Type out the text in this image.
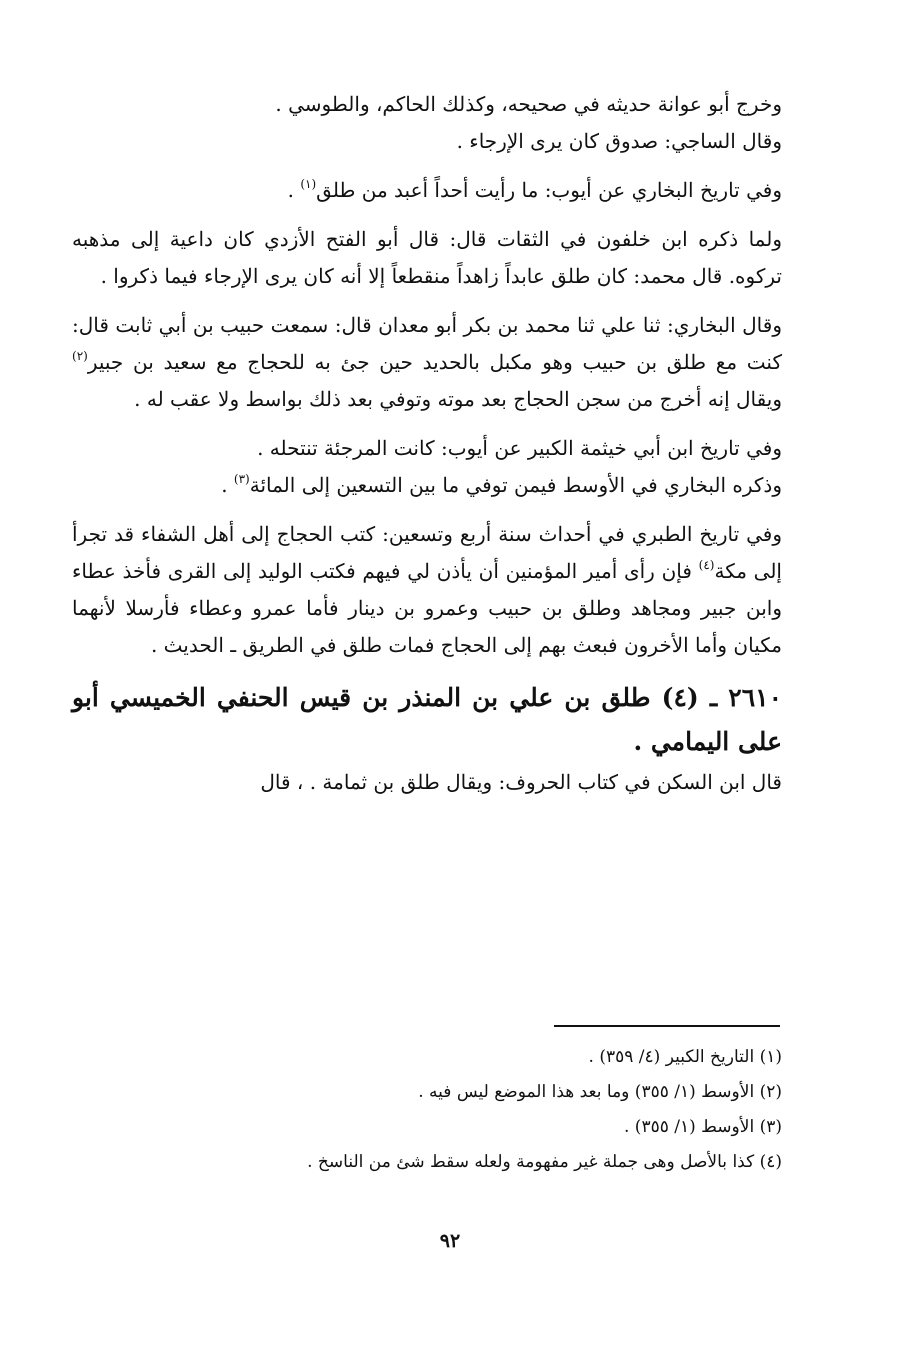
وخرج أبو عوانة حديثه في صحيحه، وكذلك الحاكم، والطوسي .

وقال الساجي: صدوق كان يرى الإرجاء .

وفي تاريخ البخاري عن أيوب: ما رأيت أحداً أعبد من طلق$^{(١)}$ .

ولما ذكره ابن خلفون في الثقات قال: قال أبو الفتح الأزدي كان داعية إلى مذهبه تركوه. قال محمد: كان طلق عابداً زاهداً منقطعاً إلا أنه كان يرى الإرجاء فيما ذكروا .

وقال البخاري: ثنا علي ثنا محمد بن بكر أبو معدان قال: سمعت حبيب بن أبي ثابت قال: كنت مع طلق بن حبيب وهو مكبل بالحديد حين جئ به للحجاج مع سعيد بن جبير$^{(٢)}$ ويقال إنه أخرج من سجن الحجاج بعد موته وتوفي بعد ذلك بواسط ولا عقب له .

وفي تاريخ ابن أبي خيثمة الكبير عن أيوب: كانت المرجئة تنتحله .

وذكره البخاري في الأوسط فيمن توفي ما بين التسعين إلى المائة$^{(٣)}$ .

وفي تاريخ الطبري في أحداث سنة أربع وتسعين: كتب الحجاج إلى أهل الشفاء قد تجرأ إلى مكة$^{(٤)}$ فإن رأى أمير المؤمنين أن يأذن لي فيهم فكتب الوليد إلى القرى فأخذ عطاء وابن جبير ومجاهد وطلق بن حبيب وعمرو بن دينار فأما عمرو وعطاء فأرسلا لأنهما مكيان وأما الأخرون فبعث بهم إلى الحجاج فمات طلق في الطريق ـ الحديث .

٢٦١٠ ـ (٤) طلق بن علي بن المنذر بن قيس الحنفي الخميسي أبو على اليمامي .

قال ابن السكن في كتاب الحروف: ويقال طلق بن ثمامة . ، قال

(١) التاريخ الكبير (٤/ ٣٥٩) .

(٢) الأوسط (١/ ٣٥٥) وما بعد هذا الموضع ليس فيه .

(٣) الأوسط (١/ ٣٥٥) .

(٤) كذا بالأصل وهى جملة غير مفهومة ولعله سقط شئ من الناسخ .

٩٢
